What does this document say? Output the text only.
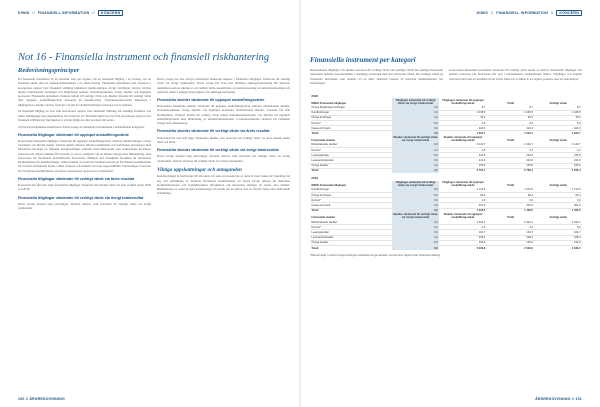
KIWIS // FINANSIELL INFORMATION //	KONCERN
Not 16 - Finansiella instrument och finansiell riskhantering
Redovisningsprinciper

Ett finansiellt instrument är ett kontrakt som ger upphov till en finansiell tillgång i ett företag och en finansiell skuld eller ett egetkapitalinstrument i ett annat företag. Finansiella instrument som redovisas i koncernens rapport över finansiell ställning inkluderar kundfordringar, övriga fordringar, derivat, likvida medel, räntebärande fordringar och långfristiga skulder, leverantörsskulder, övriga skulder och upplupna kostnader. Finansiella instrument värderas initialt till verkligt värde och därefter löpande till verkligt värde eller upplupet anskaffningsvärde beroende på klassificering. Transaktionskostnader inkluderas i tillgångarnas verkliga värden, förutom i de fall då värdeförändringar redovisas över resultatet.

En finansiell tillgång tas bort från koncernens rapport över finansiell ställning när samtliga förmåner och risker förknippade med äganderätten har överförts. En finansiell skuld tas bort från koncernens rapport över finansiell ställning när förpliktelsen i avtalet fullgjorts eller på annat sätt sedan.

Vid förvärvstidpunkten klassificerar Kiwis Group de finansiella instrumenten i nedanstående kategorier.

Finansiella tillgångar värderade till upplupet anskaffningsvärde

Koncernens finansiella tillgångar värderade till upplupet anskaffningsvärde omfattar kundfordringar, övriga fordringar och likvida medel. Likvida medel omfattar likvida banksmedel och kortfristiga placeringar med förfallotid om högst tre månader. Kundfordringar omfattar såväl fakturerade som ofakturerade fordringar redovisas när köpare faktiskt fått leverans av varor, vanligtvis vid en mindre belopp utan diskontering, med reservation för förväntade kreditförluster. Koncernen tillämpar den förenklade modellen för förväntade kreditförluster för kundfordringar, vilken innebär att reserven beräknas baserat på förväntade kreditförluster för fordrans återstående löptid, vilken värderas och bedöms vid varje rapporttillfälle. Förändringar i reserven för förväntade kreditförluster redovisas i koncernens rapport över totalresultat.

Finansiella tillgångar värderade till verkligt värde via årets resultat

Koncernen har inte haft några finansiella tillgångar värderade till verkligt värde via årets resultat under 2020 och 2019.

Finansiella tillgångar värderade till verkligt värde via övrigt totalresultat

Kiwis Group innehar inga placeringar, förutom derivat, som redovisas till verkligt värde via övrigt totalresultat.

Kiwis Group har inte övriga totalresultat hanterade innehav i finansiella tillgångar värderade till verkligt värde via övrigt totalresultat. Kiwis Group har även inte tillämpat säkringsredovisning där derivatet identifieras som en säkring av ett verkligt värde, kassaflöden, en nettoinvestering i en utlandsverksamhet och redovisar denna i enlighet med reglerna för säkringsredovisning.

Finansiella skulder värderade till upplupet anskaffningsvärde

Koncernens finansiella skulder värderade till upplupet anskaffningsvärde omfattar räntebärande skulder, leverantörsskulder, övriga skulder och upplupna kostnader. Räntebärande skulder, avseende lån från kreditinstitut, värderas initialt till verkligt värde minus transaktionskostnader och därefter till upplupet anskaffningsvärde med tillämpning av effektivräntemetoden. Leverantörsskulder värderas till nominellt belopp utan diskontering.

Finansiella skulder värderade till verkligt värde via årets resultat

Koncernen har inte haft några finansiella skulder som redovisas till verkligt värde via årets resultat under 2020 och 2019.

Finansiella skulder värderade till verkligt värde via övrigt totalresultat

Kiwis Group innehar inga placeringar, förutom derivat, som redovisas till verkligt värde via övrigt totalresultat. Derivat värderas till verkligt värde via övrigt totalresultat.

Viktiga uppskattningar och antaganden

Kundfordringar är kortfristiga till sin natur och som en konsekvens av detta är även risken för väsentliga fel låg. Vid bedömning av framtida förväntade kreditförluster tar Kiwis Group hänsyn till historiska kreditförlustnivåer och framtidsinriktad information om kundernas förmåga att betala sina skulder. Bedömningar av reserven görs kontinuerligt och beslut om att skriva bort en fordran fattas efter individuell bedömning.

100 // ÅRSREDOVISNING
KIWIS // FINANSIELL INFORMATION //	KONCERN
Finansiella instrument per kategori

Nedanstående tillgångar och skulder redovisas till verkligt värde. Det verkliga värdet för samtliga finansiella instrument bedöms överensstämma i väsentliga avseenden med det redovisade värdet. Det verkliga värdet på finansiella instrument som handlas på en aktiv marknad baseras på noterade marknadspriser per balansdagen.

Koncernens finansiella instrument värderade till verkligt värde består av derivat. Finansiella tillgångar och skulder redovisas när koncernen blir part i instrumentets avtalsmässiga villkor. Tillgångar och skulder redovisas netto när ett juridiskt rätt att kvitta finns och avsikten är att reglera posterna med ett nettobelopp.

2020				
MSEK Finansiella tillgångar	Tillgångar värderade till verkligt värde via övrigt totalresultat	Tillgångar värderade till upplupet anskaffningsvärde	Totalt	Verkligt värde
Övriga långfristiga fordringar	0,0	8,7	8,7	8,7
Kundfordringar	0,0	1 045,5	1 045,5	1 045,5
Övriga fordringar	0,0	45,2	45,2	45,2
Derivat*	0,0	0,0	0,0	0,0
Kassa och bank	0,0	424,3	424,3	424,3
Totalt	0,0	1 624,7	1 624,7	1 624,7
Finansiella skulder	Skulder värderade till verkligt värde via övrigt totalresultat	Skulder värderade till upplupet anskaffningsvärde	Totalt	Verkligt värde
Räntebärande skulder	0,0	2 142,7	2 142,7	2 142,7
Derivat*	4,7	0,0	4,7	4,7
Leasingskulder	0,0	243,6	243,6	243,6
Leverantörsskulder	0,0	221,8	221,8	221,8
Övriga skulder	0,0	153,6	153,6	153,6
Totalt	4,7	2 761,7	2 766,4	2 766,4
2019				
MSEK Finansiella tillgångar	Tillgångar värderade till verkligt värde via övrigt totalresultat	Tillgångar värderade till upplupet anskaffningsvärde	Totalt	Verkligt värde
Kundfordringar	0,0	1 112,5	1 112,5	1 112,5
Övriga fordringar	0,0	82,4	82,4	82,4
Derivat*	0,0	0,0	0,0	0,0
Kassa och bank	0,0	301,6	301,6	301,6
Totalt	0,0	1 496,5	1 496,5	1 496,5
Finansiella skulder	Skulder värderade till verkligt värde via övrigt totalresultat	Skulder värderade till upplupet anskaffningsvärde	Totalt	Verkligt värde
Räntebärande skulder	0,0	2 344,1	2 344,1	2 344,1
Derivat*	3,2	0,0	3,2	3,2
Leasingskulder	0,0	164,7	164,7	164,7
Leverantörsskulder	0,0	228,4	228,4	228,4
Övriga skulder	0,0	192,6	192,6	192,6
Totalt	3,2	2 929,8	2 933,0	2 933,0
*Derivat ingår i posten övriga fordringar respektive övriga skulder i koncernens rapport över finansiell ställning
ÅRSREDOVISNING // 101
